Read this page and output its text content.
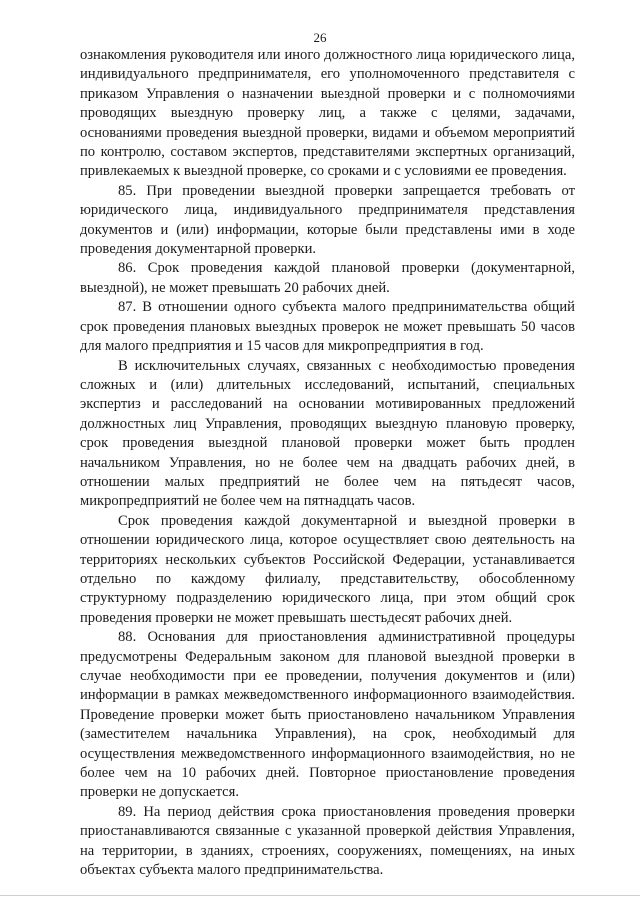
26

ознакомления руководителя или иного должностного лица юридического лица, индивидуального предпринимателя, его уполномоченного представителя с приказом Управления о назначении выездной проверки и с полномочиями проводящих выездную проверку лиц, а также с целями, задачами, основаниями проведения выездной проверки, видами и объемом мероприятий по контролю, составом экспертов, представителями экспертных организаций, привлекаемых к выездной проверке, со сроками и с условиями ее проведения.

85. При проведении выездной проверки запрещается требовать от юридического лица, индивидуального предпринимателя представления документов и (или) информации, которые были представлены ими в ходе проведения документарной проверки.

86. Срок проведения каждой плановой проверки (документарной, выездной), не может превышать 20 рабочих дней.

87. В отношении одного субъекта малого предпринимательства общий срок проведения плановых выездных проверок не может превышать 50 часов для малого предприятия и 15 часов для микропредприятия в год.

В исключительных случаях, связанных с необходимостью проведения сложных и (или) длительных исследований, испытаний, специальных экспертиз и расследований на основании мотивированных предложений должностных лиц Управления, проводящих выездную плановую проверку, срок проведения выездной плановой проверки может быть продлен начальником Управления, но не более чем на двадцать рабочих дней, в отношении малых предприятий не более чем на пятьдесят часов, микропредприятий не более чем на пятнадцать часов.

Срок проведения каждой документарной и выездной проверки в отношении юридического лица, которое осуществляет свою деятельность на территориях нескольких субъектов Российской Федерации, устанавливается отдельно по каждому филиалу, представительству, обособленному структурному подразделению юридического лица, при этом общий срок проведения проверки не может превышать шестьдесят рабочих дней.

88. Основания для приостановления административной процедуры предусмотрены Федеральным законом для плановой выездной проверки в случае необходимости при ее проведении, получения документов и (или) информации в рамках межведомственного информационного взаимодействия. Проведение проверки может быть приостановлено начальником Управления (заместителем начальника Управления), на срок, необходимый для осуществления межведомственного информационного взаимодействия, но не более чем на 10 рабочих дней. Повторное приостановление проведения проверки не допускается.

89. На период действия срока приостановления проведения проверки приостанавливаются связанные с указанной проверкой действия Управления, на территории, в зданиях, строениях, сооружениях, помещениях, на иных объектах субъекта малого предпринимательства.
